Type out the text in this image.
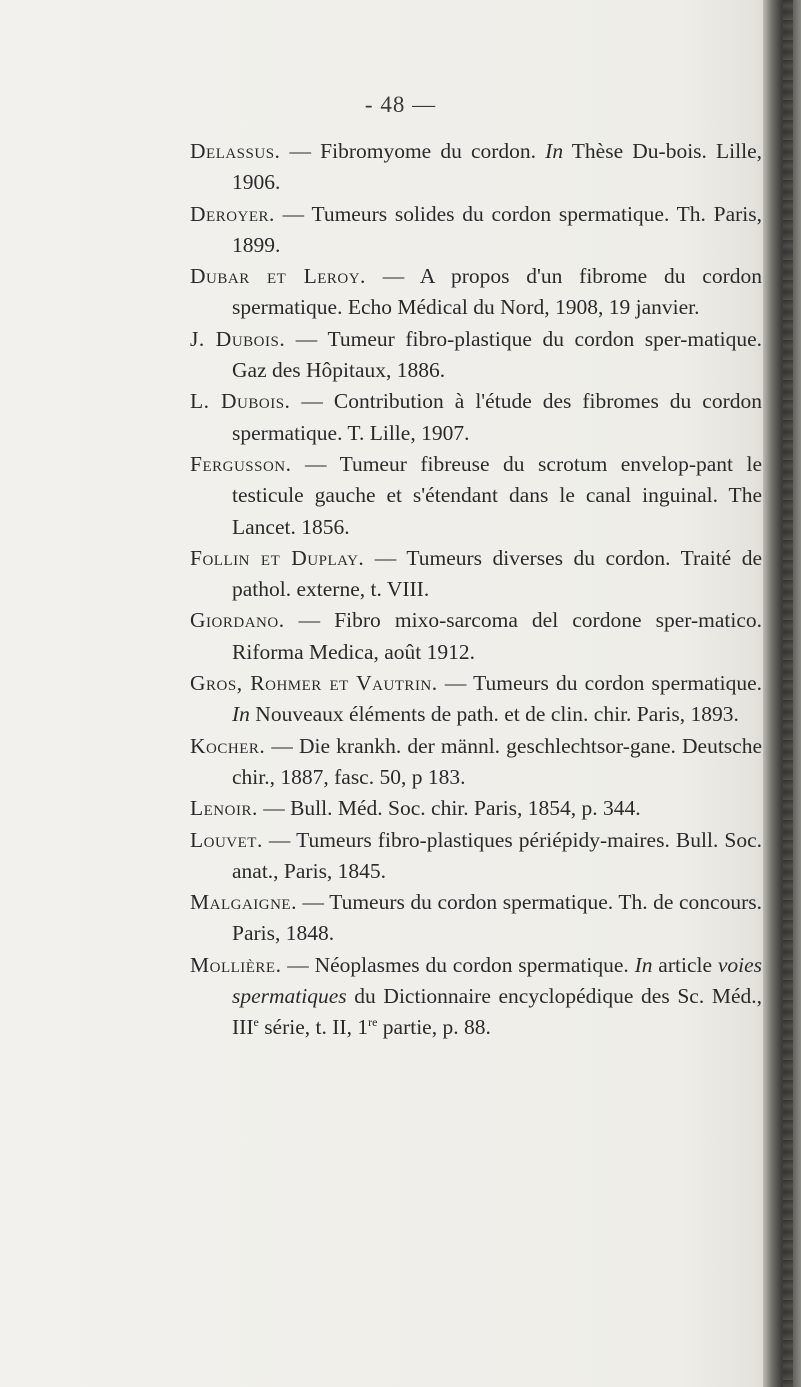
- 48 —

Delassus. — Fibromyome du cordon. In Thèse Du-bois. Lille, 1906.

Deroyer. — Tumeurs solides du cordon spermatique. Th. Paris, 1899.

Dubar et Leroy. — A propos d'un fibrome du cordon spermatique. Echo Médical du Nord, 1908, 19 janvier.

J. Dubois. — Tumeur fibro-plastique du cordon sper-matique. Gaz des Hôpitaux, 1886.

L. Dubois. — Contribution à l'étude des fibromes du cordon spermatique. T. Lille, 1907.

Fergusson. — Tumeur fibreuse du scrotum envelop-pant le testicule gauche et s'étendant dans le canal inguinal. The Lancet. 1856.

Follin et Duplay. — Tumeurs diverses du cordon. Traité de pathol. externe, t. VIII.

Giordano. — Fibro mixo-sarcoma del cordone sper-matico. Riforma Medica, août 1912.

Gros, Rohmer et Vautrin. — Tumeurs du cordon spermatique. In Nouveaux éléments de path. et de clin. chir. Paris, 1893.

Kocher. — Die krankh. der männl. geschlechtsor-gane. Deutsche chir., 1887, fasc. 50, p 183.

Lenoir. — Bull. Méd. Soc. chir. Paris, 1854, p. 344.

Louvet. — Tumeurs fibro-plastiques périépidy-maires. Bull. Soc. anat., Paris, 1845.

Malgaigne. — Tumeurs du cordon spermatique. Th. de concours. Paris, 1848.

Mollière. — Néoplasmes du cordon spermatique. In article voies spermatiques du Dictionnaire encyclopédique des Sc. Méd., IIIe série, t. II, 1re partie, p. 88.
